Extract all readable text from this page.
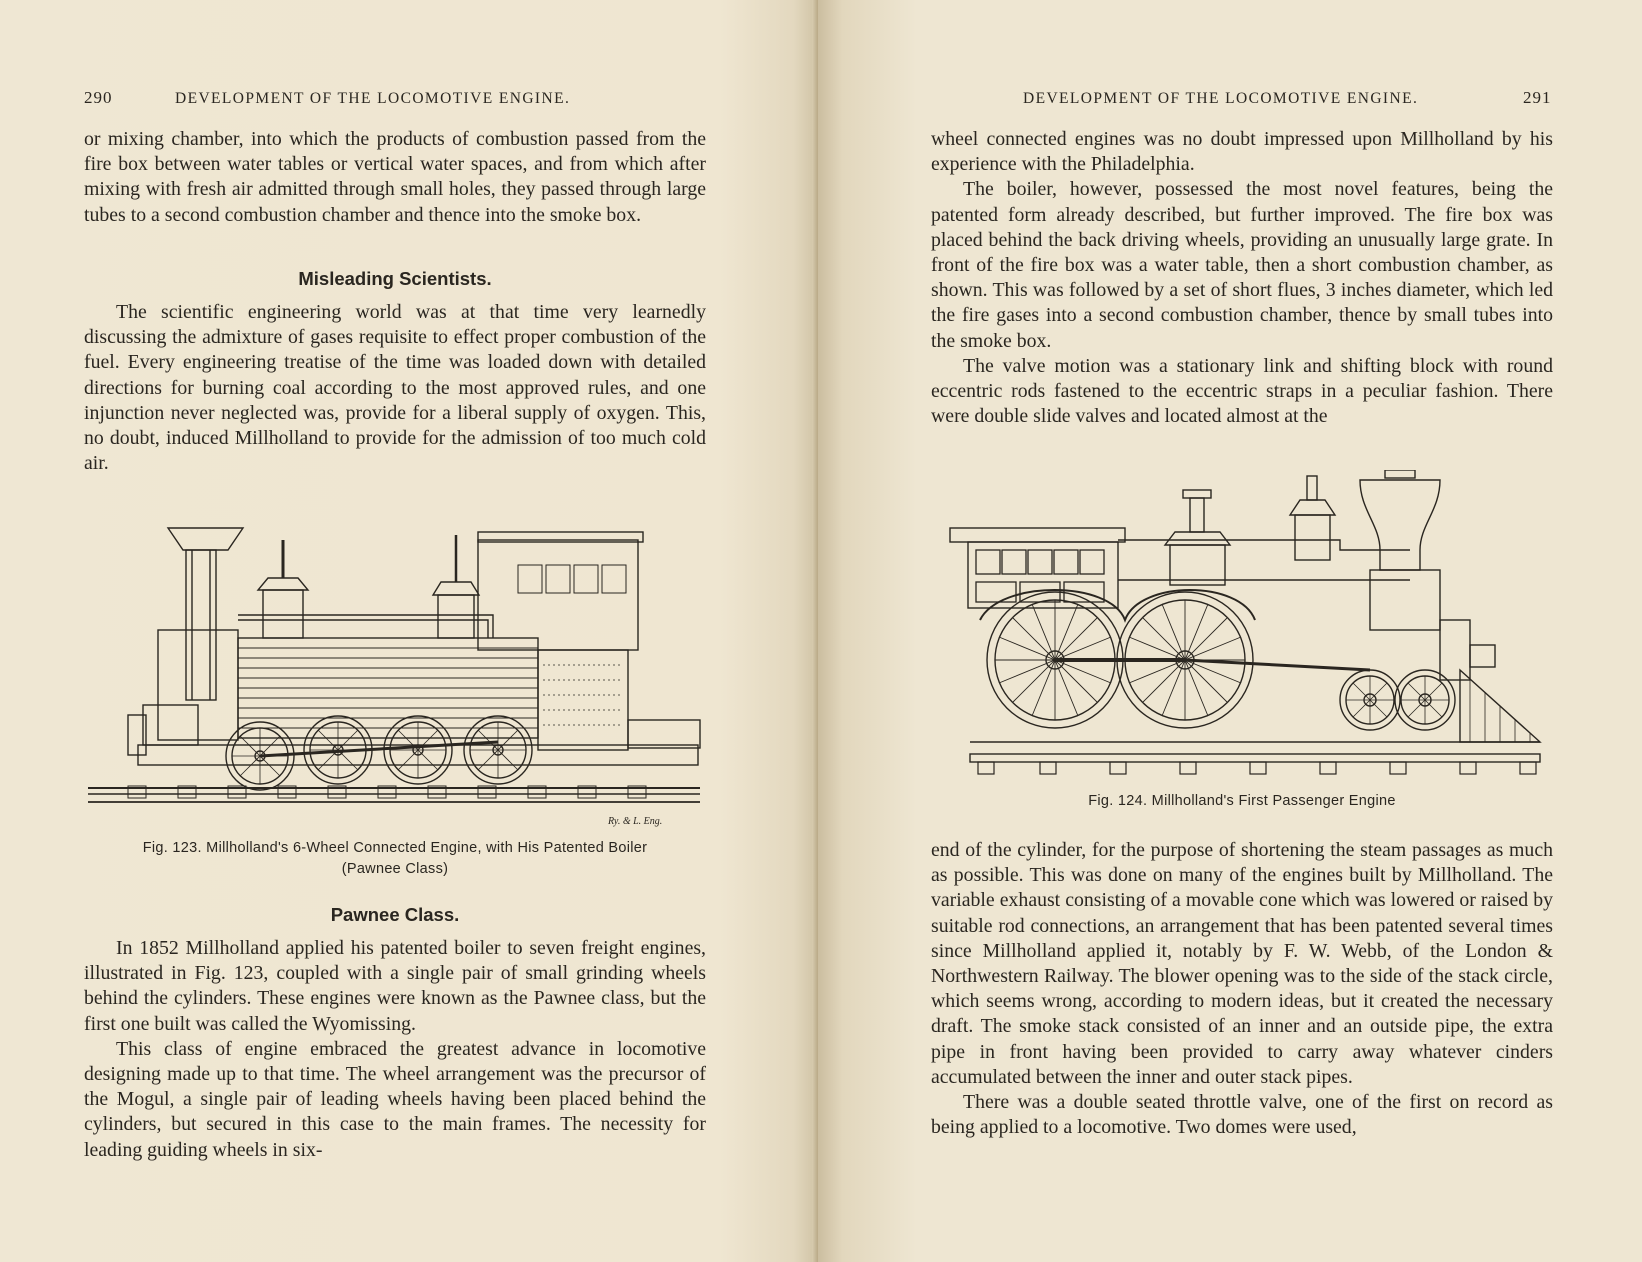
290	DEVELOPMENT OF THE LOCOMOTIVE ENGINE.

or mixing chamber, into which the products of combustion passed from the fire box between water tables or vertical water spaces, and from which after mixing with fresh air admitted through small holes, they passed through large tubes to a second combustion chamber and thence into the smoke box.

Misleading Scientists.

The scientific engineering world was at that time very learnedly discussing the admixture of gases requisite to effect proper combustion of the fuel. Every engineering treatise of the time was loaded down with detailed directions for burning coal according to the most approved rules, and one injunction never neglected was, provide for a liberal supply of oxygen. This, no doubt, induced Millholland to provide for the admission of too much cold air.

Ry. & L. Eng.
Fig. 123. Millholland's 6-Wheel Connected Engine, with His Patented Boiler
(Pawnee Class)
Pawnee Class.

In 1852 Millholland applied his patented boiler to seven freight engines, illustrated in Fig. 123, coupled with a single pair of small grinding wheels behind the cylinders. These engines were known as the Pawnee class, but the first one built was called the Wyomissing.

This class of engine embraced the greatest advance in locomotive designing made up to that time. The wheel arrangement was the precursor of the Mogul, a single pair of leading wheels having been placed behind the cylinders, but secured in this case to the main frames. The necessity for leading guiding wheels in six-

DEVELOPMENT OF THE LOCOMOTIVE ENGINE.	291

wheel connected engines was no doubt impressed upon Millholland by his experience with the Philadelphia.

The boiler, however, possessed the most novel features, being the patented form already described, but further improved. The fire box was placed behind the back driving wheels, providing an unusually large grate. In front of the fire box was a water table, then a short combustion chamber, as shown. This was followed by a set of short flues, 3 inches diameter, which led the fire gases into a second combustion chamber, thence by small tubes into the smoke box.

The valve motion was a stationary link and shifting block with round eccentric rods fastened to the eccentric straps in a peculiar fashion. There were double slide valves and located almost at the

Fig. 124. Millholland's First Passenger Engine

end of the cylinder, for the purpose of shortening the steam passages as much as possible. This was done on many of the engines built by Millholland. The variable exhaust consisting of a movable cone which was lowered or raised by suitable rod connections, an arrangement that has been patented several times since Millholland applied it, notably by F. W. Webb, of the London & Northwestern Railway. The blower opening was to the side of the stack circle, which seems wrong, according to modern ideas, but it created the necessary draft. The smoke stack consisted of an inner and an outside pipe, the extra pipe in front having been provided to carry away whatever cinders accumulated between the inner and outer stack pipes.

There was a double seated throttle valve, one of the first on record as being applied to a locomotive. Two domes were used,
